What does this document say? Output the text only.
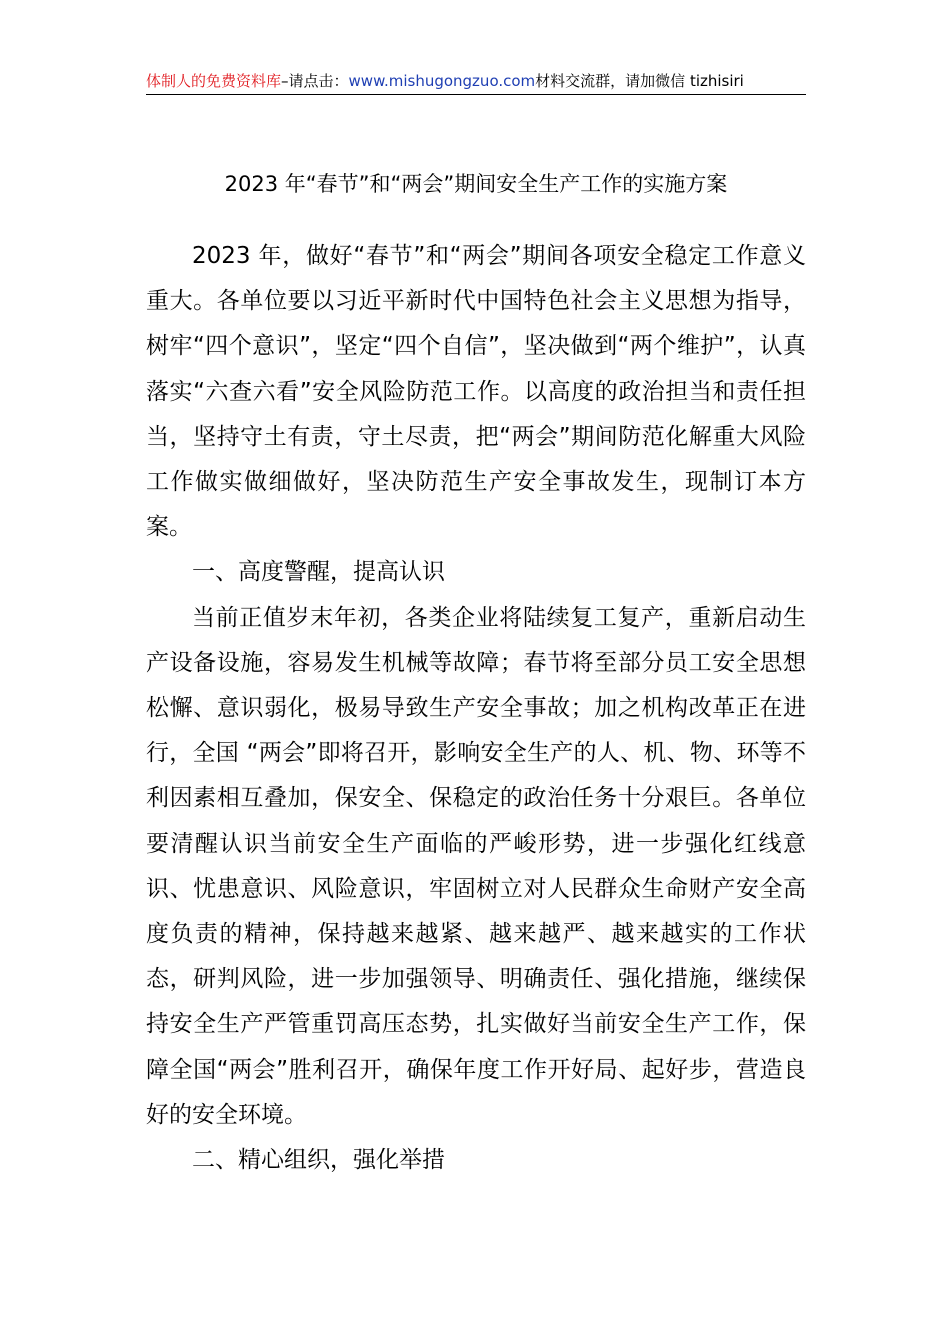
体制人的免费资料库–请点击：www.mishugongzuo.com材料交流群，请加微信 tizhisiri
2023 年“春节”和“两会”期间安全生产工作的实施方案

2023 年，做好“春节”和“两会”期间各项安全稳定工作意义重大。各单位要以习近平新时代中国特色社会主义思想为指导，树牢“四个意识”，坚定“四个自信”，坚决做到“两个维护”，认真落实“六查六看”安全风险防范工作。以高度的政治担当和责任担当，坚持守土有责，守土尽责，把“两会”期间防范化解重大风险工作做实做细做好，坚决防范生产安全事故发生，现制订本方案。

一、高度警醒，提高认识

当前正值岁末年初，各类企业将陆续复工复产，重新启动生产设备设施，容易发生机械等故障；春节将至部分员工安全思想松懈、意识弱化，极易导致生产安全事故；加之机构改革正在进行，全国 “两会”即将召开，影响安全生产的人、机、物、环等不利因素相互叠加，保安全、保稳定的政治任务十分艰巨。各单位要清醒认识当前安全生产面临的严峻形势，进一步强化红线意识、忧患意识、风险意识，牢固树立对人民群众生命财产安全高度负责的精神，保持越来越紧、越来越严、越来越实的工作状态，研判风险，进一步加强领导、明确责任、强化措施，继续保持安全生产严管重罚高压态势，扎实做好当前安全生产工作，保障全国“两会”胜利召开，确保年度工作开好局、起好步，营造良好的安全环境。

二、精心组织，强化举措
